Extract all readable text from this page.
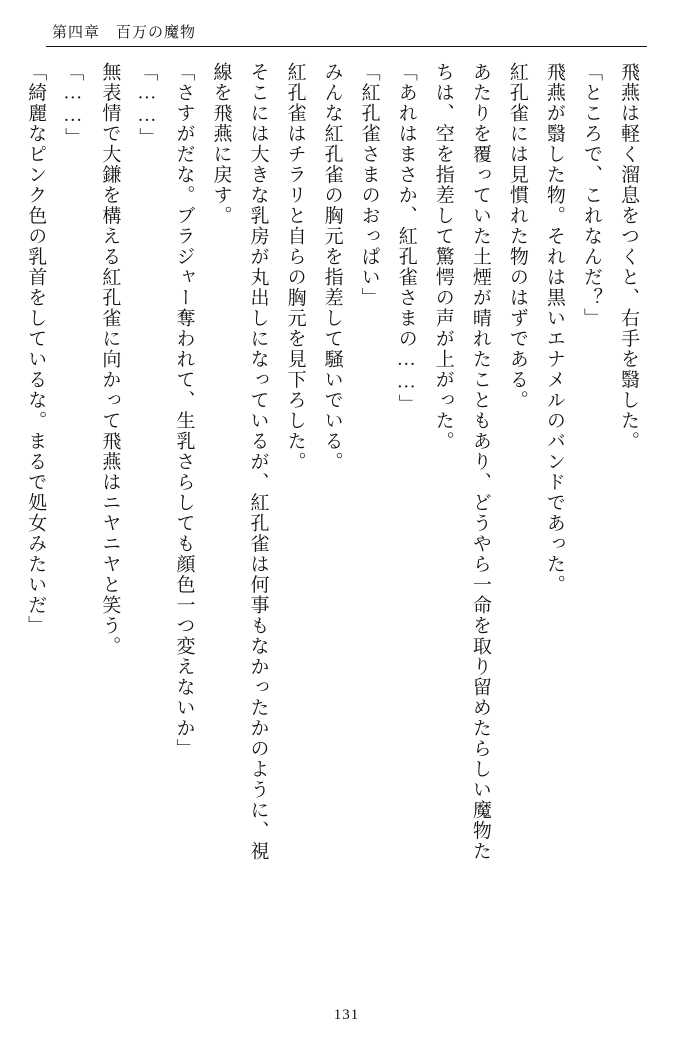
第四章　百万の魔物

飛燕は軽く溜息をつくと、右手を翳した。

「ところで、これなんだ？」

飛燕が翳した物。それは黒いエナメルのバンドであった。

紅孔雀には見慣れた物のはずである。

あたりを覆っていた土煙が晴れたこともあり、どうやら一命を取り留めたらしい魔物た

ちは、空を指差して驚愕の声が上がった。

「あれはまさか、紅孔雀さまの……」

「紅孔雀さまのおっぱい」

みんな紅孔雀の胸元を指差して騒いでいる。

紅孔雀はチラリと自らの胸元を見下ろした。

そこには大きな乳房が丸出しになっているが、紅孔雀は何事もなかったかのように、視

線を飛燕に戻す。

「さすがだな。ブラジャー奪われて、生乳さらしても顔色一つ変えないか」

「……」

無表情で大鎌を構える紅孔雀に向かって飛燕はニヤニヤと笑う。

「……」

「綺麗なピンク色の乳首をしているな。まるで処女みたいだ」

131
